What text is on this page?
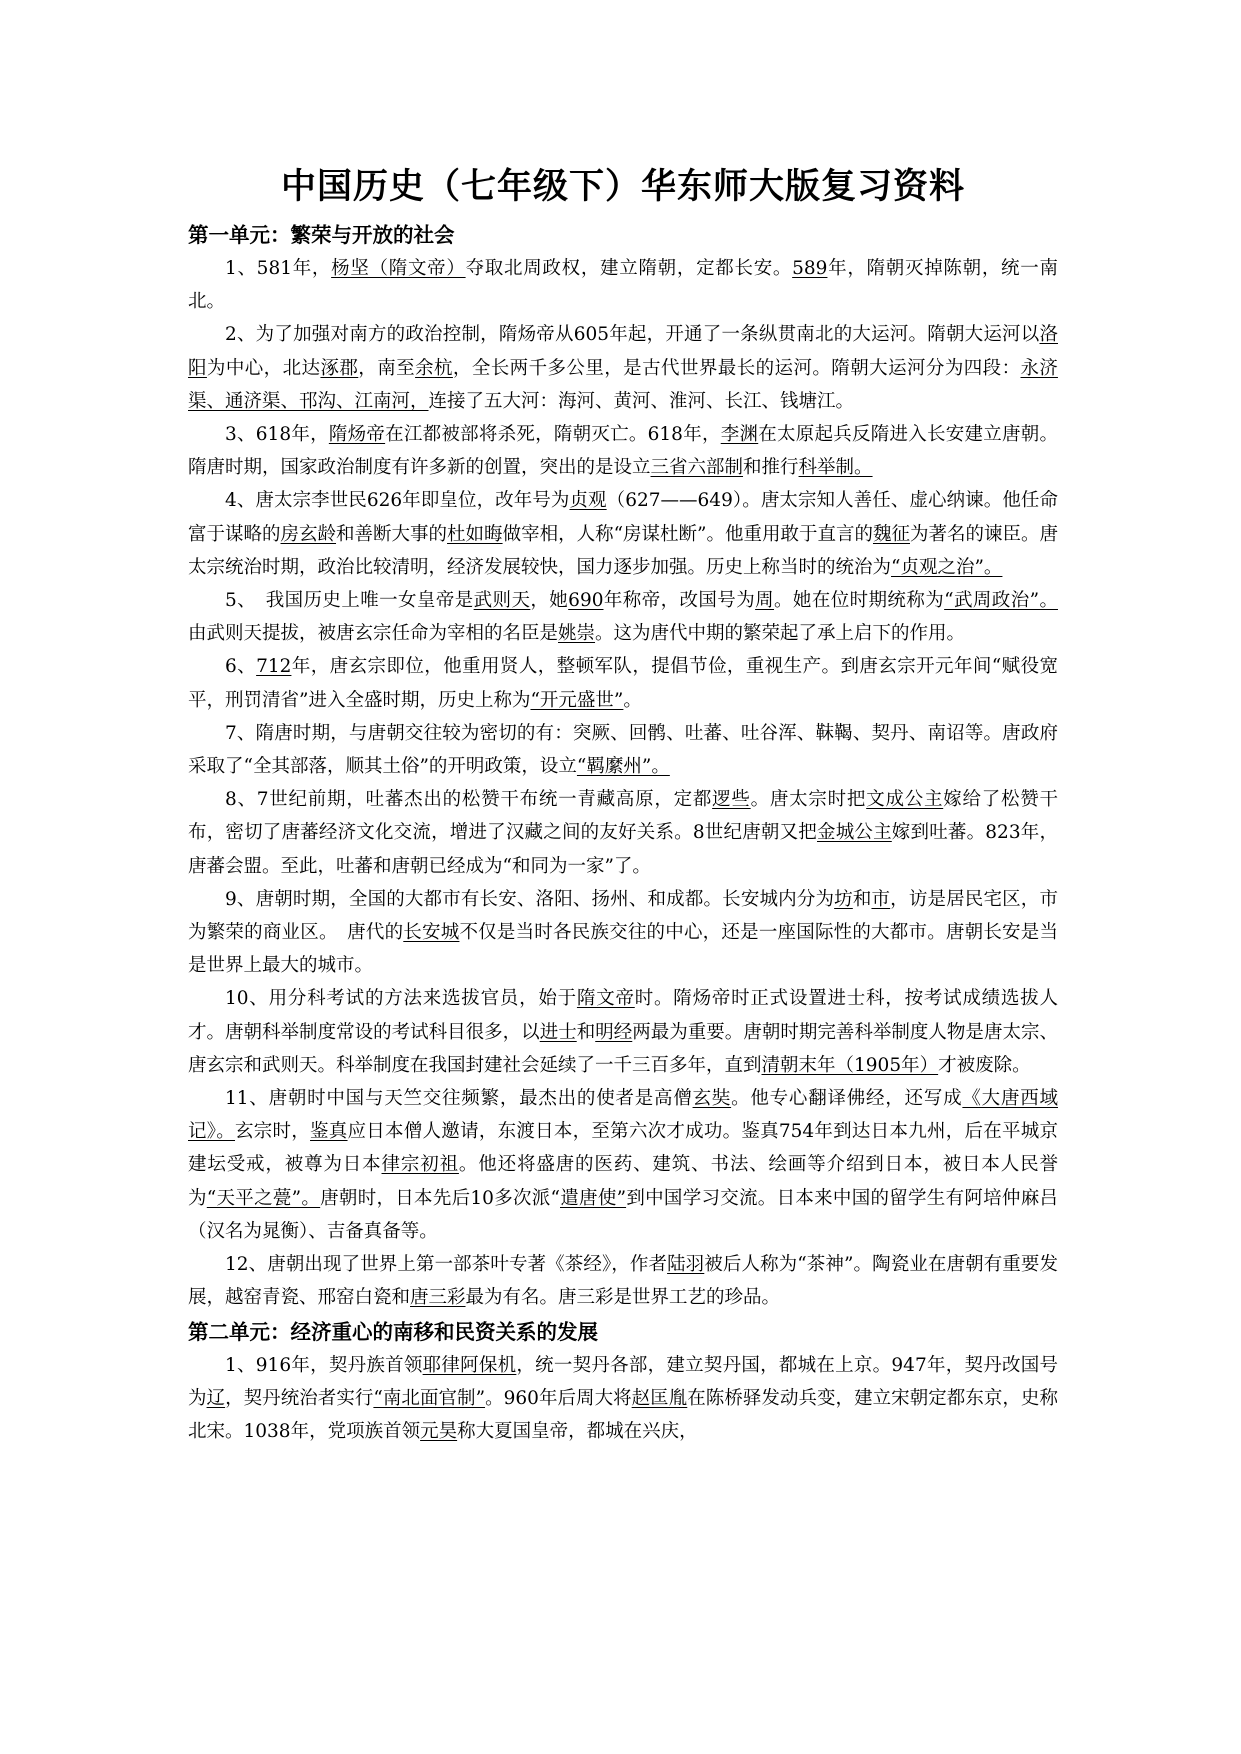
中国历史（七年级下）华东师大版复习资料
第一单元：繁荣与开放的社会

1、581年，杨坚（隋文帝）夺取北周政权，建立隋朝，定都长安。589年，隋朝灭掉陈朝，统一南北。

2、为了加强对南方的政治控制，隋炀帝从605年起，开通了一条纵贯南北的大运河。隋朝大运河以洛阳为中心，北达涿郡，南至余杭，全长两千多公里，是古代世界最长的运河。隋朝大运河分为四段：永济渠、通济渠、邗沟、江南河，连接了五大河：海河、黄河、淮河、长江、钱塘江。

3、618年，隋炀帝在江都被部将杀死，隋朝灭亡。618年，李渊在太原起兵反隋进入长安建立唐朝。隋唐时期，国家政治制度有许多新的创置，突出的是设立三省六部制和推行科举制。

4、唐太宗李世民626年即皇位，改年号为贞观（627——649）。唐太宗知人善任、虚心纳谏。他任命富于谋略的房玄龄和善断大事的杜如晦做宰相，人称“房谋杜断”。他重用敢于直言的魏征为著名的谏臣。唐太宗统治时期，政治比较清明，经济发展较快，国力逐步加强。历史上称当时的统治为“贞观之治”。

5、　我国历史上唯一女皇帝是武则天，她690年称帝，改国号为周。她在位时期统称为“武周政治”。由武则天提拔，被唐玄宗任命为宰相的名臣是姚崇。这为唐代中期的繁荣起了承上启下的作用。

6、712年，唐玄宗即位，他重用贤人，整顿军队，提倡节俭，重视生产。到唐玄宗开元年间“赋役宽平，刑罚清省”进入全盛时期，历史上称为“开元盛世”。

7、隋唐时期，与唐朝交往较为密切的有：突厥、回鹘、吐蕃、吐谷浑、靺鞨、契丹、南诏等。唐政府采取了“全其部落，顺其土俗”的开明政策，设立“羁縻州”。

8、7世纪前期，吐蕃杰出的松赞干布统一青藏高原，定都逻些。唐太宗时把文成公主嫁给了松赞干布，密切了唐蕃经济文化交流，增进了汉藏之间的友好关系。8世纪唐朝又把金城公主嫁到吐蕃。823年，唐蕃会盟。至此，吐蕃和唐朝已经成为“和同为一家”了。

9、唐朝时期，全国的大都市有长安、洛阳、扬州、和成都。长安城内分为坊和市，访是居民宅区，市为繁荣的商业区。　唐代的长安城不仅是当时各民族交往的中心，还是一座国际性的大都市。唐朝长安是当是世界上最大的城市。

10、用分科考试的方法来选拔官员，始于隋文帝时。隋炀帝时正式设置进士科，按考试成绩选拔人才。唐朝科举制度常设的考试科目很多，以进士和明经两最为重要。唐朝时期完善科举制度人物是唐太宗、唐玄宗和武则天。科举制度在我国封建社会延续了一千三百多年，直到清朝末年（1905年）才被废除。

11、唐朝时中国与天竺交往频繁，最杰出的使者是高僧玄奘。他专心翻译佛经，还写成《大唐西域记》。玄宗时，鉴真应日本僧人邀请，东渡日本，至第六次才成功。鉴真754年到达日本九州，后在平城京建坛受戒，被尊为日本律宗初祖。他还将盛唐的医药、建筑、书法、绘画等介绍到日本，被日本人民誉为“天平之甍”。唐朝时，日本先后10多次派“遣唐使”到中国学习交流。日本来中国的留学生有阿培仲麻吕（汉名为晁衡）、吉备真备等。

12、唐朝出现了世界上第一部茶叶专著《茶经》，作者陆羽被后人称为“茶神”。陶瓷业在唐朝有重要发展，越窑青瓷、邢窑白瓷和唐三彩最为有名。唐三彩是世界工艺的珍品。

第二单元：经济重心的南移和民资关系的发展

1、916年，契丹族首领耶律阿保机，统一契丹各部，建立契丹国，都城在上京。947年，契丹改国号为辽，契丹统治者实行“南北面官制”。960年后周大将赵匡胤在陈桥驿发动兵变，建立宋朝定都东京，史称北宋。1038年，党项族首领元昊称大夏国皇帝，都城在兴庆，
